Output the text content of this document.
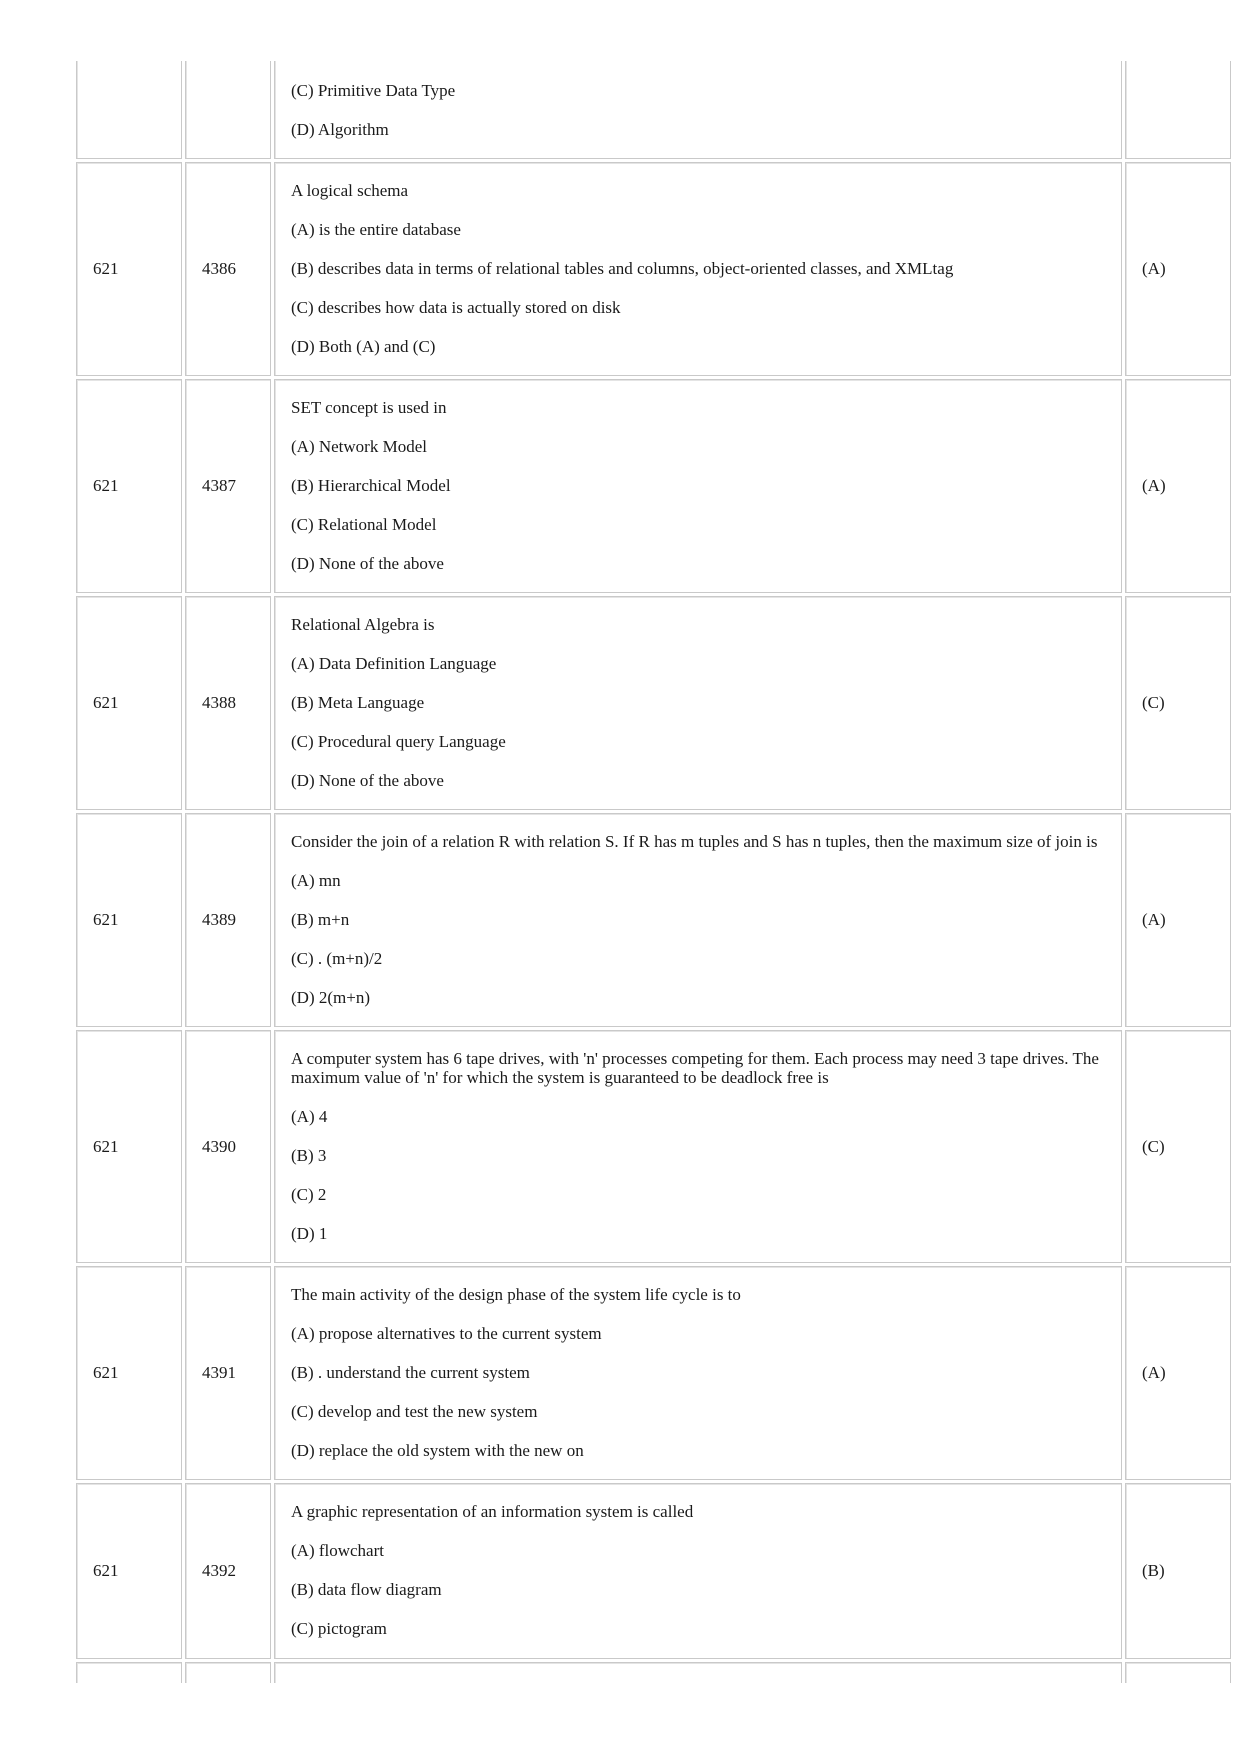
		(C) Primitive Data Type
(D) Algorithm	

621	4386	A logical schema
(A) is the entire database
(B) describes data in terms of relational tables and columns, object-oriented classes, and XMLtag
(C) describes how data is actually stored on disk
(D) Both (A) and (C)	(A)
621	4387	SET concept is used in
(A) Network Model
(B) Hierarchical Model
(C) Relational Model
(D) None of the above	(A)
621	4388	Relational Algebra is
(A) Data Definition Language
(B) Meta Language
(C) Procedural query Language
(D) None of the above	(C)
621	4389	Consider the join of a relation R with relation S. If R has m tuples and S has n tuples, then the maximum size of join is
(A) mn
(B) m+n
(C) . (m+n)/2
(D) 2(m+n)	(A)
621	4390	A computer system has 6 tape drives, with 'n' processes competing for them. Each process may need 3 tape drives. The maximum value of 'n' for which the system is guaranteed to be deadlock free is
(A) 4
(B) 3
(C) 2
(D) 1	(C)
621	4391	The main activity of the design phase of the system life cycle is to
(A) propose alternatives to the current system
(B) . understand the current system
(C) develop and test the new system
(D) replace the old system with the new on	(A)
621	4392	A graphic representation of an information system is called
(A) flowchart
(B) data flow diagram
(C) pictogram	(B)
